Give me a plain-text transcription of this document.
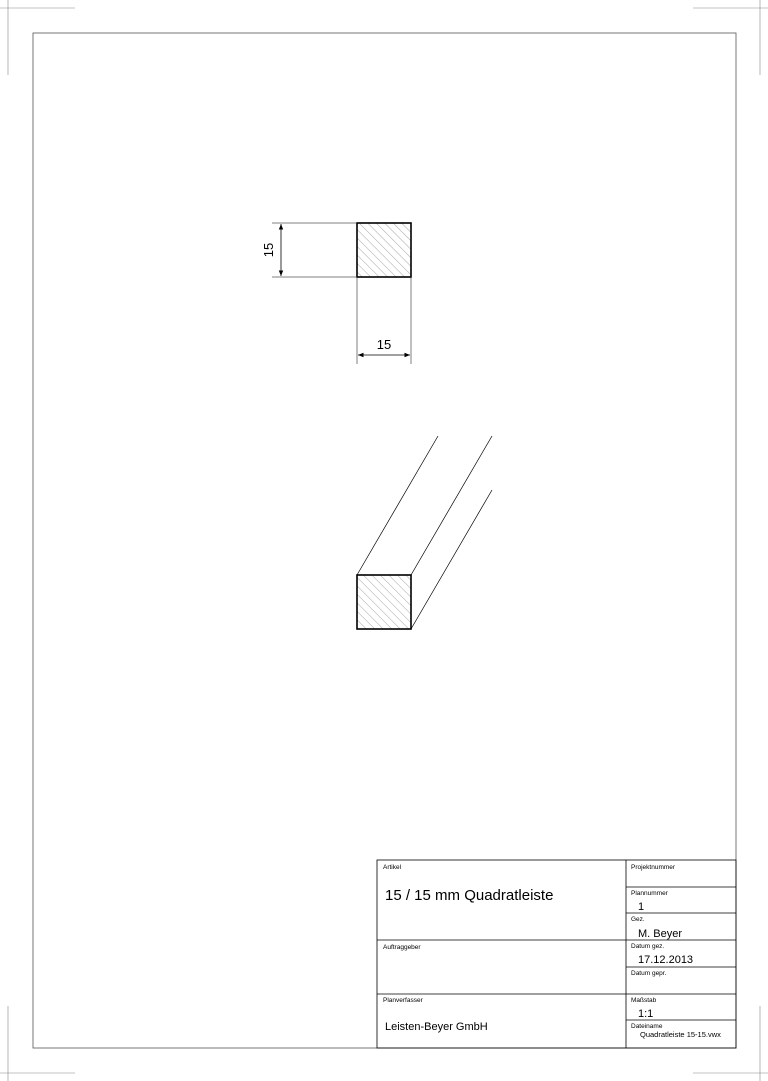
15
15
Artikel
15 / 15 mm Quadratleiste
Auftraggeber
Planverfasser
Leisten-Beyer GmbH
Projektnummer
Plannummer
1
Gez.
M. Beyer
Datum gez.
17.12.2013
Datum gepr.
Maßstab
1:1
Dateiname
Quadratleiste 15-15.vwx
